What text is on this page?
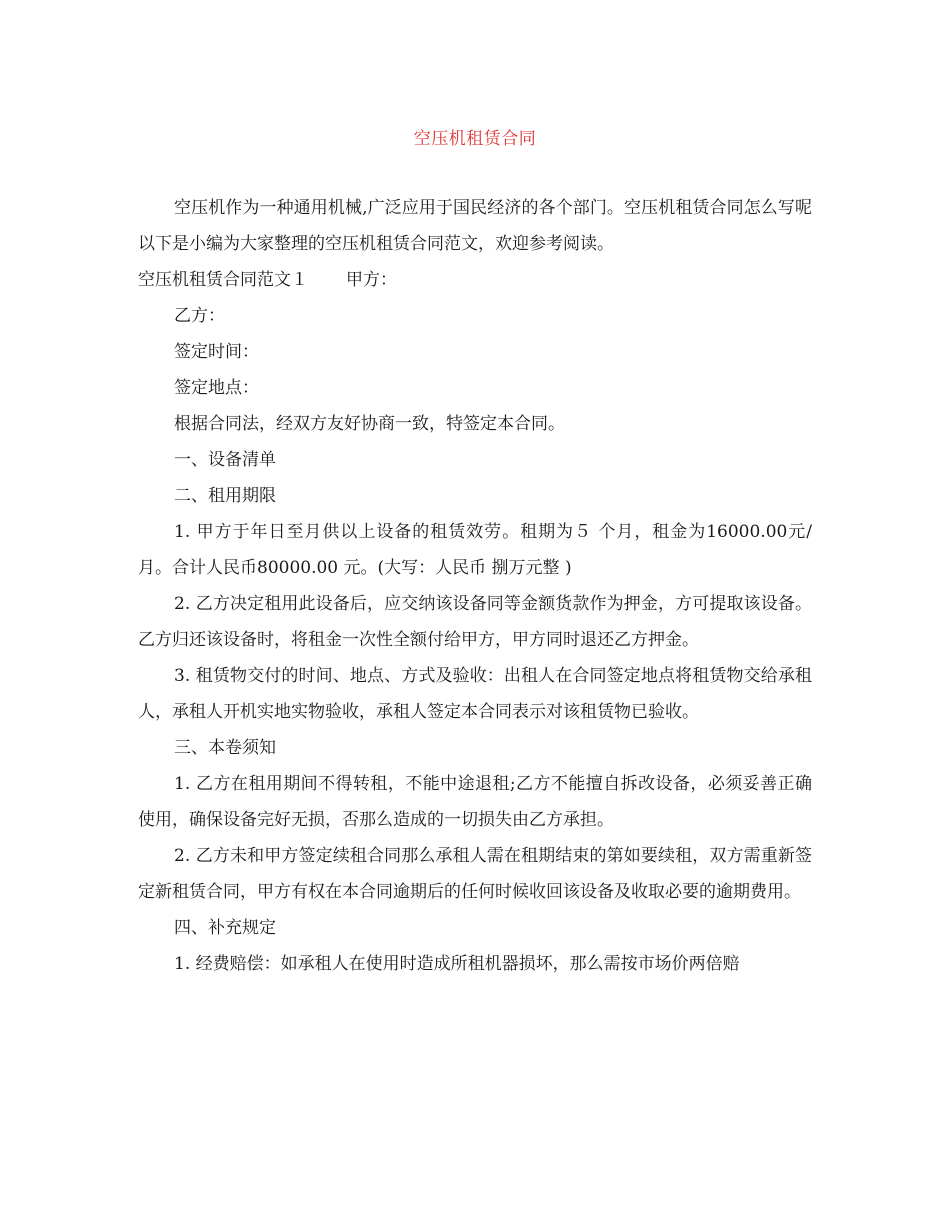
空压机租赁合同

空压机作为一种通用机械,广泛应用于国民经济的各个部门。空压机租赁合同怎么写呢以下是小编为大家整理的空压机租赁合同范文，欢迎参考阅读。

空压机租赁合同范文１ 甲方：

乙方：

签定时间：

签定地点：

根据合同法，经双方友好协商一致，特签定本合同。

一、设备清单

二、租用期限

1. 甲方于年日至月供以上设备的租赁效劳。租期为５ 个月，租金为16000.00元/月。合计人民币80000.00 元。(大写：人民币 捌万元整 )

2. 乙方决定租用此设备后，应交纳该设备同等金额货款作为押金，方可提取该设备。乙方归还该设备时，将租金一次性全额付给甲方，甲方同时退还乙方押金。

3. 租赁物交付的时间、地点、方式及验收：出租人在合同签定地点将租赁物交给承租人，承租人开机实地实物验收，承租人签定本合同表示对该租赁物已验收。

三、本卷须知

1. 乙方在租用期间不得转租，不能中途退租;乙方不能擅自拆改设备，必须妥善正确使用，确保设备完好无损，否那么造成的一切损失由乙方承担。

2. 乙方未和甲方签定续租合同那么承租人需在租期结束的第如要续租，双方需重新签定新租赁合同，甲方有权在本合同逾期后的任何时候收回该设备及收取必要的逾期费用。

四、补充规定

1. 经费赔偿：如承租人在使用时造成所租机器损坏，那么需按市场价两倍赔
